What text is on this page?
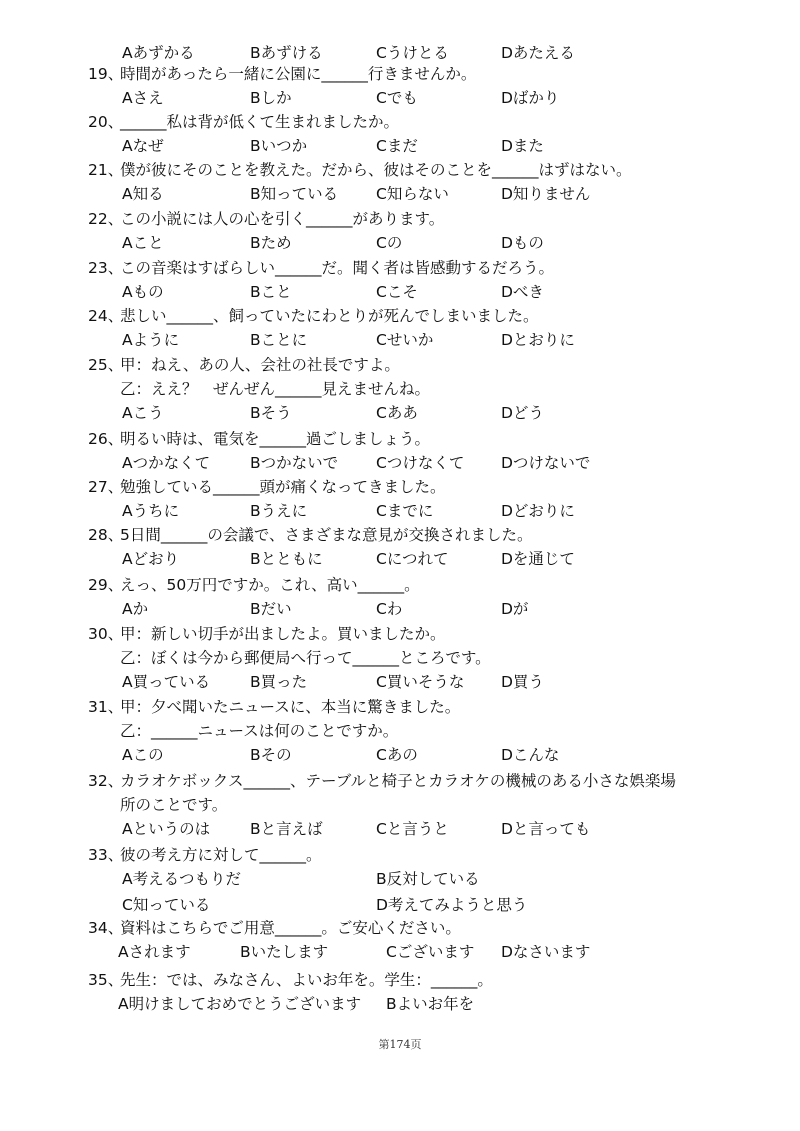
Aあずかる	Bあずける	Cうけとる	Dあたえる
19、
時間があったら一緒に公園に______行きませんか。
Aさえ	Bしか	Cでも	Dばかり
20、
______私は背が低くて生まれましたか。
Aなぜ	Bいつか	Cまだ	Dまた
21、
僕が彼にそのことを教えた。だから、彼はそのことを______はずはない。
A知る	B知っている C知らない	D知りません
22、
この小説には人の心を引く______があります。
Aこと	Bため	Cの	Dもの
23、
この音楽はすばらしい______だ。聞く者は皆感動するだろう。
Aもの	Bこと	Cこそ	Dべき
24、
悲しい______、飼っていたにわとりが死んでしまいました。
Aように	Bことに	Cせいか	Dとおりに
25、
甲：ねえ、あの人、会社の社長ですよ。
乙：ええ？　ぜんぜん______見えませんね。
Aこう	Bそう	Cああ	Dどう
26、
明るい時は、電気を______過ごしましょう。
Aつかなくて	Bつかないで Cつけなくて Dつけないで
27、
勉強している______頭が痛くなってきました。
Aうちに	Bうえに	Cまでに	Dどおりに
28、
5日間______の会議で、さまざまな意見が交換されました。
Aどおり	Bとともに	Cにつれて	Dを通じて
29、
えっ、50万円ですか。これ、高い______。
Aか	Bだい	Cわ	Dが
30、
甲：新しい切手が出ましたよ。買いましたか。
乙：ぼくは今から郵便局へ行って______ところです。
A買っている	B買った	C買いそうな D買う
31、
甲：夕べ聞いたニュースに、本当に驚きました。
乙：______ニュースは何のことですか。
Aこの	Bその	Cあの	Dこんな
32、
カラオケボックス______、テーブルと椅子とカラオケの機械のある小さな娯楽場
所のことです。
Aというのは	Bと言えば	Cと言うと	Dと言っても
33、
彼の考え方に対して______。
A考えるつもりだ	B反対している
C知っている	D考えてみようと思う
34、
資料はこちらでご用意______。ご安心ください。
Aされます	Bいたします	Cございます Dなさいます
35、
先生：では、みなさん、よいお年を。学生：______。
A明けましておめでとうございます Bよいお年を
第174页
